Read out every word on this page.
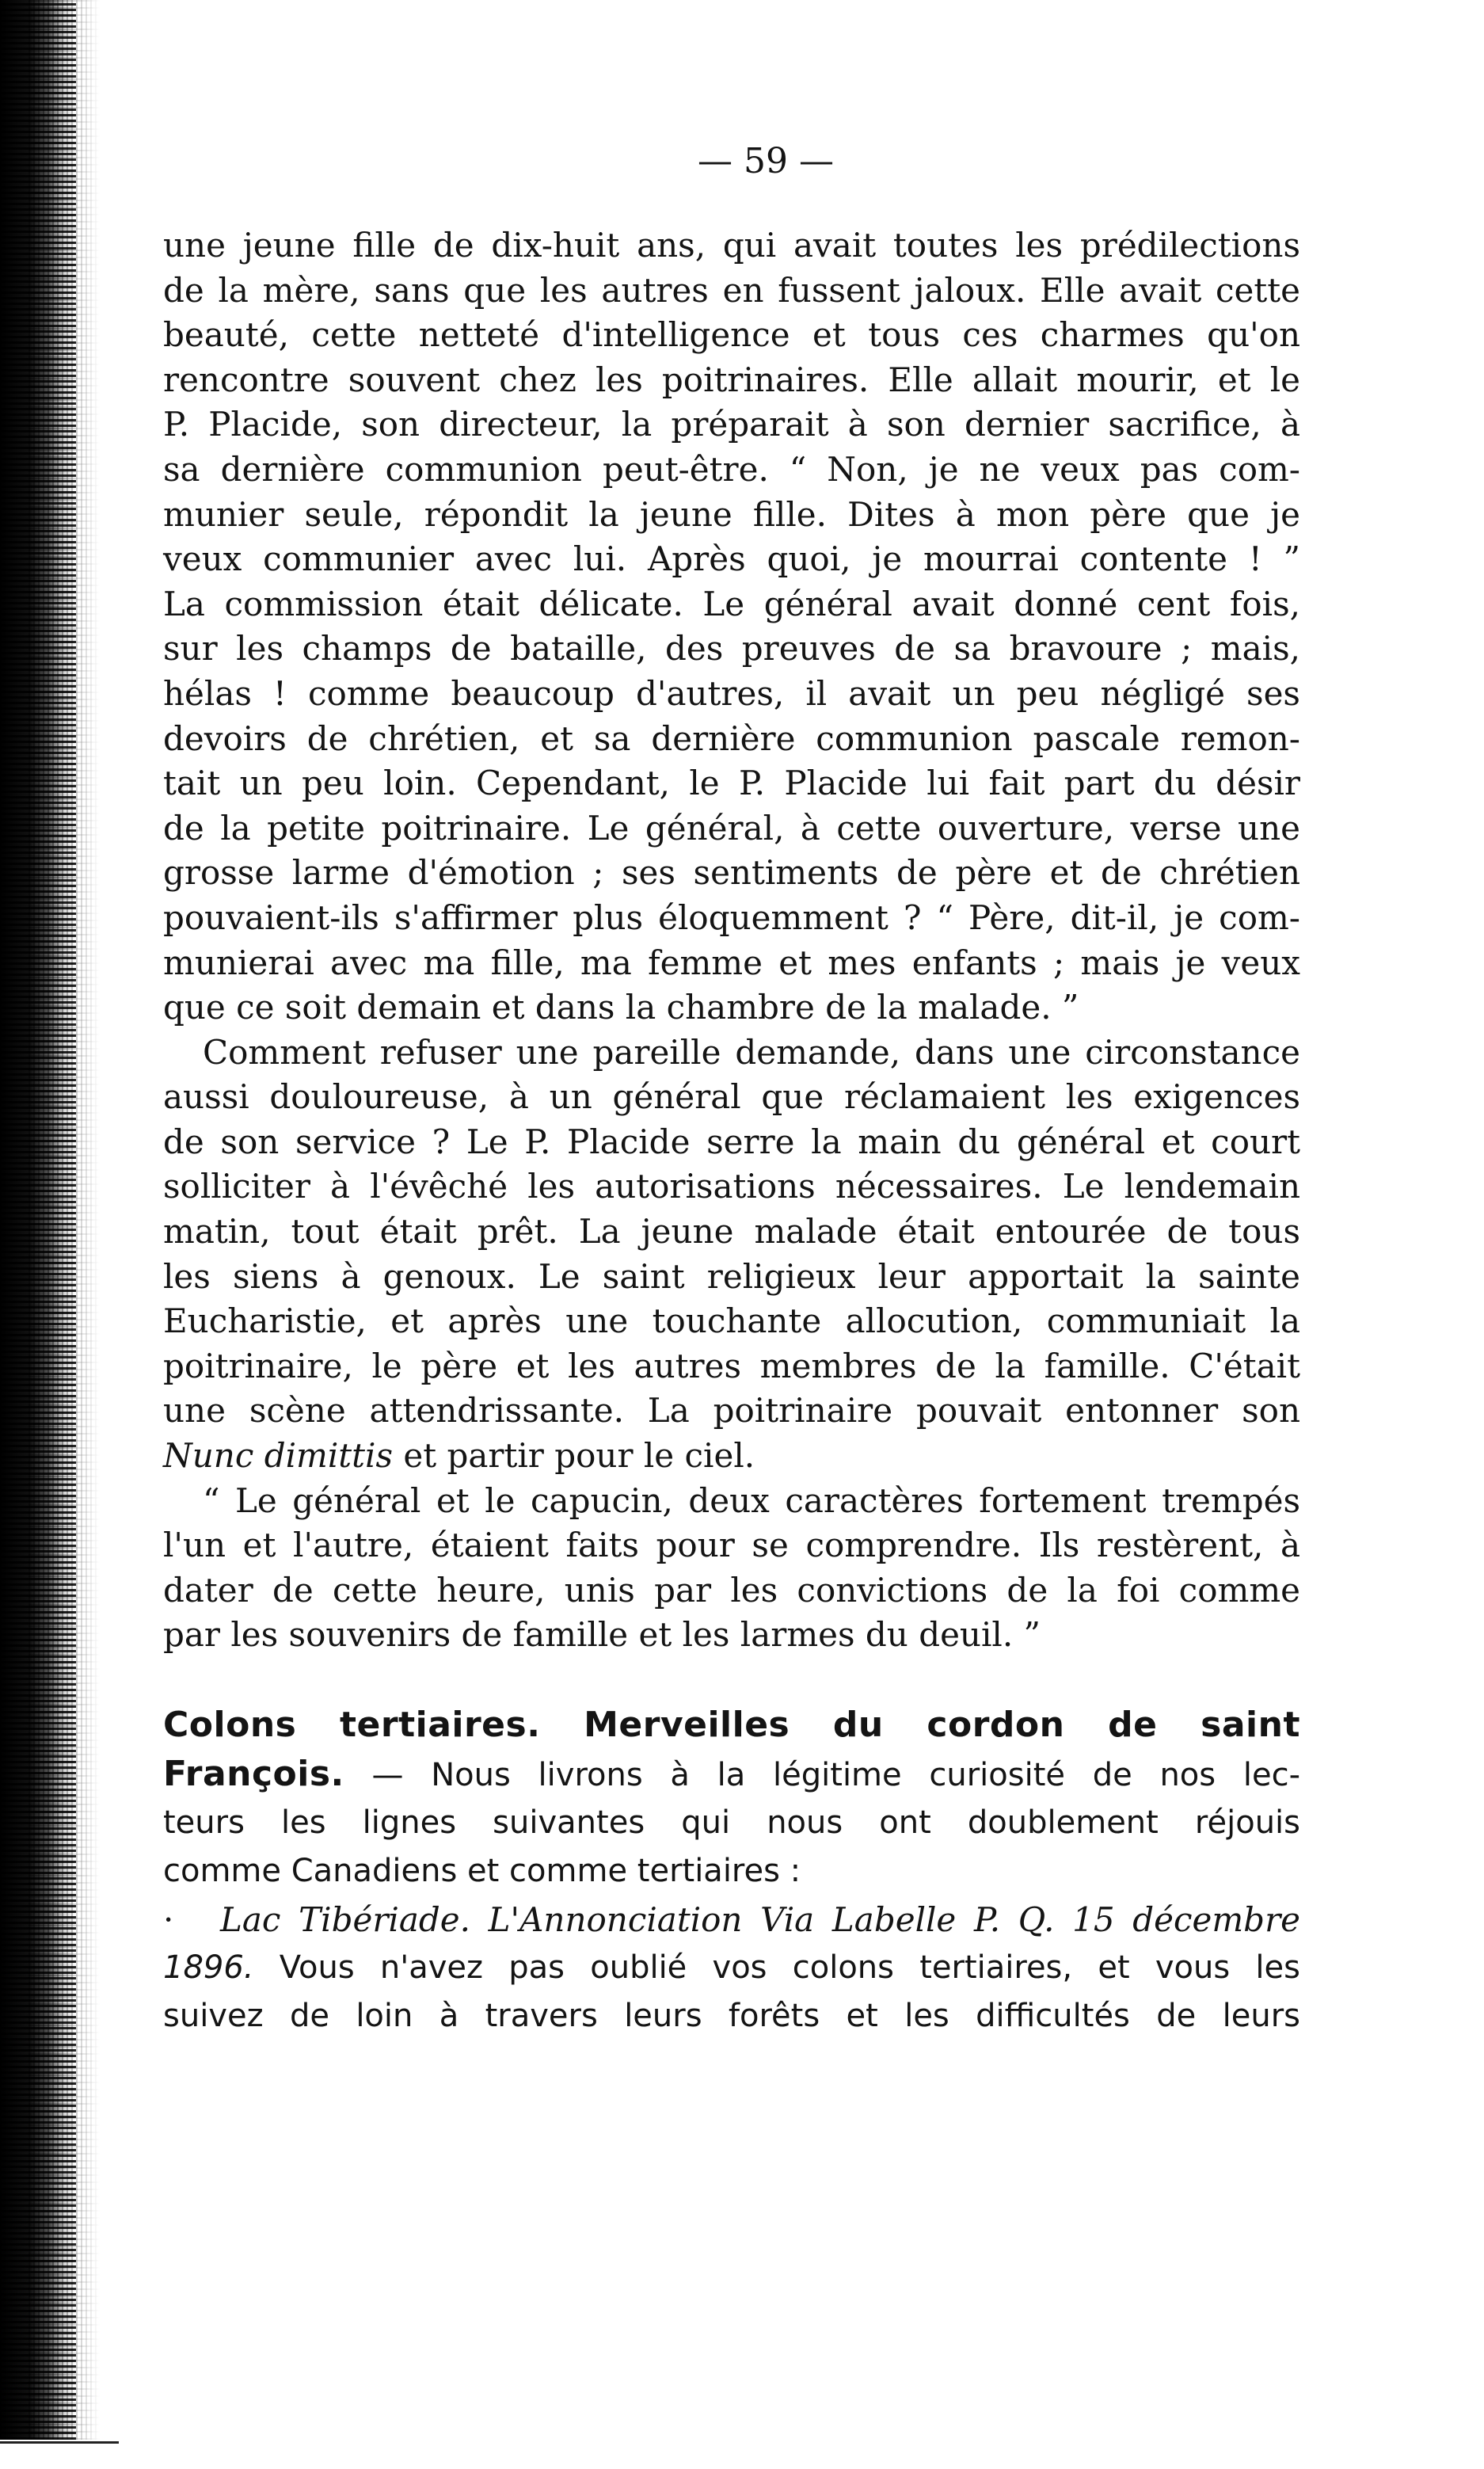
— 59 —
une jeune fille de dix-huit ans, qui avait toutes les prédilections
de la mère, sans que les autres en fussent jaloux. Elle avait cette
beauté, cette netteté d'intelligence et tous ces charmes qu'on
rencontre souvent chez les poitrinaires. Elle allait mourir, et le
P. Placide, son directeur, la préparait à son dernier sacrifice, à
sa dernière communion peut-être. “ Non, je ne veux pas com-
munier seule, répondit la jeune fille. Dites à mon père que je
veux communier avec lui. Après quoi, je mourrai contente ! ”
La commission était délicate. Le général avait donné cent fois,
sur les champs de bataille, des preuves de sa bravoure ; mais,
hélas ! comme beaucoup d'autres, il avait un peu négligé ses
devoirs de chrétien, et sa dernière communion pascale remon-
tait un peu loin. Cependant, le P. Placide lui fait part du désir
de la petite poitrinaire. Le général, à cette ouverture, verse une
grosse larme d'émotion ; ses sentiments de père et de chrétien
pouvaient-ils s'affirmer plus éloquemment ? “ Père, dit-il, je com-
munierai avec ma fille, ma femme et mes enfants ; mais je veux
que ce soit demain et dans la chambre de la malade. ”
Comment refuser une pareille demande, dans une circonstance
aussi douloureuse, à un général que réclamaient les exigences
de son service ? Le P. Placide serre la main du général et court
solliciter à l'évêché les autorisations nécessaires. Le lendemain
matin, tout était prêt. La jeune malade était entourée de tous
les siens à genoux. Le saint religieux leur apportait la sainte
Eucharistie, et après une touchante allocution, communiait la
poitrinaire, le père et les autres membres de la famille. C'était
une scène attendrissante. La poitrinaire pouvait entonner son
Nunc dimittis et partir pour le ciel.
“ Le général et le capucin, deux caractères fortement trempés
l'un et l'autre, étaient faits pour se comprendre. Ils restèrent, à
dater de cette heure, unis par les convictions de la foi comme
par les souvenirs de famille et les larmes du deuil. ”
Colons tertiaires. Merveilles du cordon de saint
François. — Nous livrons à la légitime curiosité de nos lec-
teurs les lignes suivantes qui nous ont doublement réjouis
comme Canadiens et comme tertiaires :
· Lac Tibériade. L'Annonciation Via Labelle P. Q. 15 décembre
1896. Vous n'avez pas oublié vos colons tertiaires, et vous les
suivez de loin à travers leurs forêts et les difficultés de leurs
